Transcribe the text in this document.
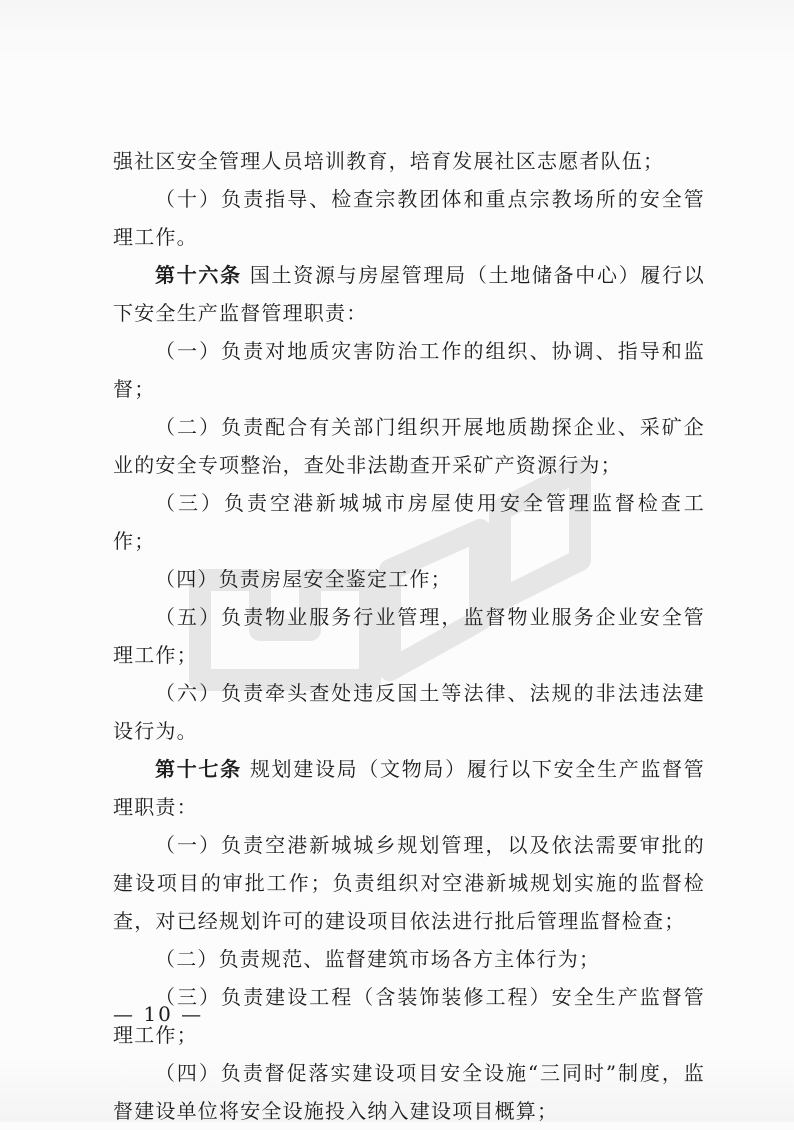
强社区安全管理人员培训教育，培育发展社区志愿者队伍；

（十）负责指导、检查宗教团体和重点宗教场所的安全管理工作。

第十六条 国土资源与房屋管理局（土地储备中心）履行以下安全生产监督管理职责：

（一）负责对地质灾害防治工作的组织、协调、指导和监督；

（二）负责配合有关部门组织开展地质勘探企业、采矿企业的安全专项整治，查处非法勘查开采矿产资源行为；

（三）负责空港新城城市房屋使用安全管理监督检查工作；

（四）负责房屋安全鉴定工作；

（五）负责物业服务行业管理，监督物业服务企业安全管理工作；

（六）负责牵头查处违反国土等法律、法规的非法违法建设行为。

第十七条 规划建设局（文物局）履行以下安全生产监督管理职责：

（一）负责空港新城城乡规划管理，以及依法需要审批的建设项目的审批工作；负责组织对空港新城规划实施的监督检查，对已经规划许可的建设项目依法进行批后管理监督检查；

（二）负责规范、监督建筑市场各方主体行为；

（三）负责建设工程（含装饰装修工程）安全生产监督管理工作；

（四）负责督促落实建设项目安全设施“三同时”制度，监督建设单位将安全设施投入纳入建设项目概算；

— 10 —
